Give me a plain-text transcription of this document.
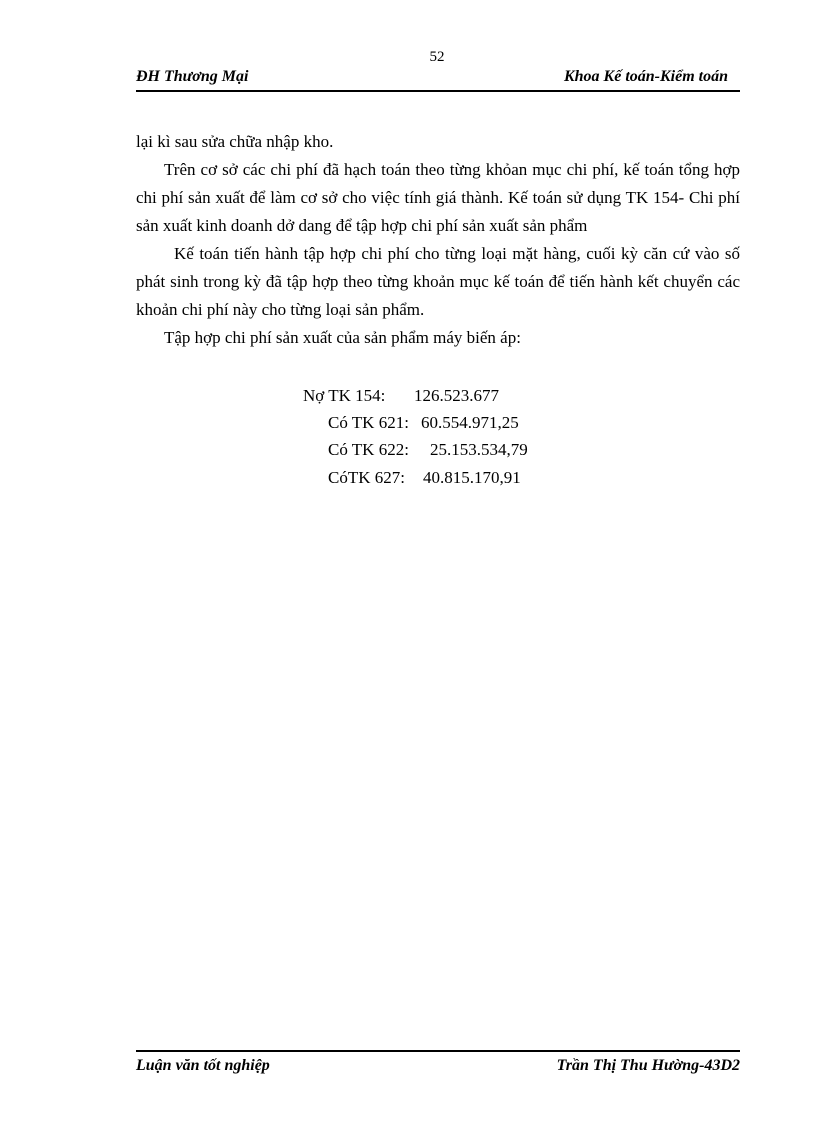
52
ĐH Thương Mại	Khoa Kế toán-Kiểm toán

lại kì sau sửa chữa nhập kho.

Trên cơ sở các chi phí đã hạch toán theo từng khỏan mục chi phí, kế toán tổng hợp chi phí sản xuất để làm cơ sở cho việc tính giá thành. Kế toán sử dụng TK 154- Chi phí sản xuất kinh doanh dở dang để tập hợp chi phí sản xuất sản phẩm

Kế toán tiến hành tập hợp chi phí cho từng loại mặt hàng, cuối kỳ căn cứ vào số phát sinh trong kỳ đã tập hợp theo từng khoản mục kế toán để tiến hành kết chuyển các khoản chi phí này cho từng loại sản phẩm.

Tập hợp chi phí sản xuất của sản phẩm máy biến áp:

Nợ TK 154: 126.523.677
Có TK 621: 60.554.971,25
Có TK 622: 25.153.534,79
CóTK 627: 40.815.170,91
Luận văn tốt nghiệp	Trần Thị Thu Hường-43D2
